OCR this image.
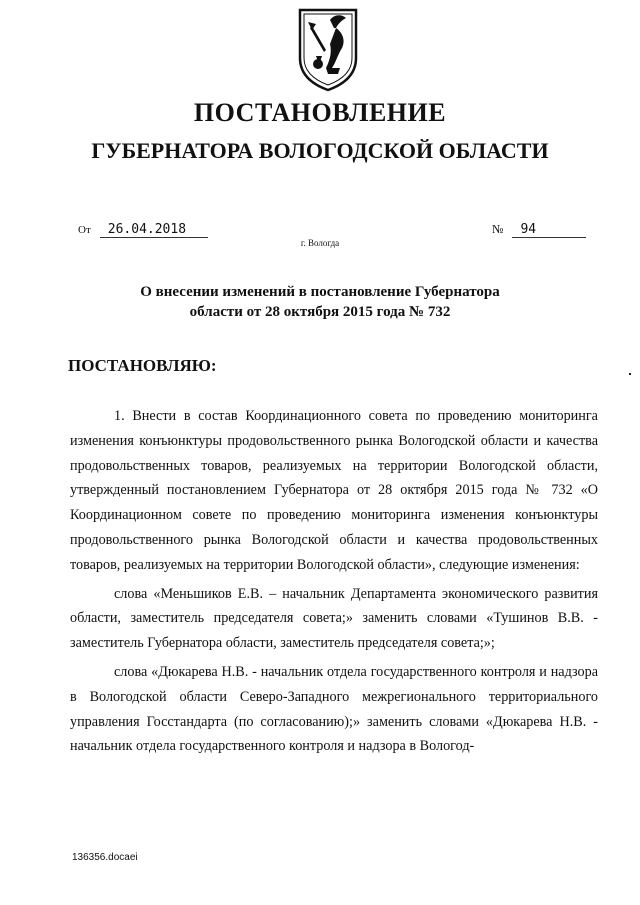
ПОСТАНОВЛЕНИЕ
ГУБЕРНАТОРА ВОЛОГОДСКОЙ ОБЛАСТИ
От 26.04.2018	№ 94
г. Вологда
О внесении изменений в постановление Губернатора
области от 28 октября 2015 года № 732
ПОСТАНОВЛЯЮ:

1. Внести в состав Координационного совета по проведению мониторинга изменения конъюнктуры продовольственного рынка Вологодской области и качества продовольственных товаров, реализуемых на территории Вологодской области, утвержденный постановлением Губернатора от 28 октября 2015 года № 732 «О Координационном совете по проведению мониторинга изменения конъюнктуры продовольственного рынка Вологодской области и качества продовольственных товаров, реализуемых на территории Вологодской области», следующие изменения:

слова «Меньшиков Е.В. – начальник Департамента экономического развития области, заместитель председателя совета;» заменить словами «Тушинов В.В. - заместитель Губернатора области, заместитель председателя совета;»;

слова «Дюкарева Н.В. - начальник отдела государственного контроля и надзора в Вологодской области Северо-Западного межрегионального территориального управления Госстандарта (по согласованию);» заменить словами «Дюкарева Н.В. - начальник отдела государственного контроля и надзора в Вологод-

136356.docaei
